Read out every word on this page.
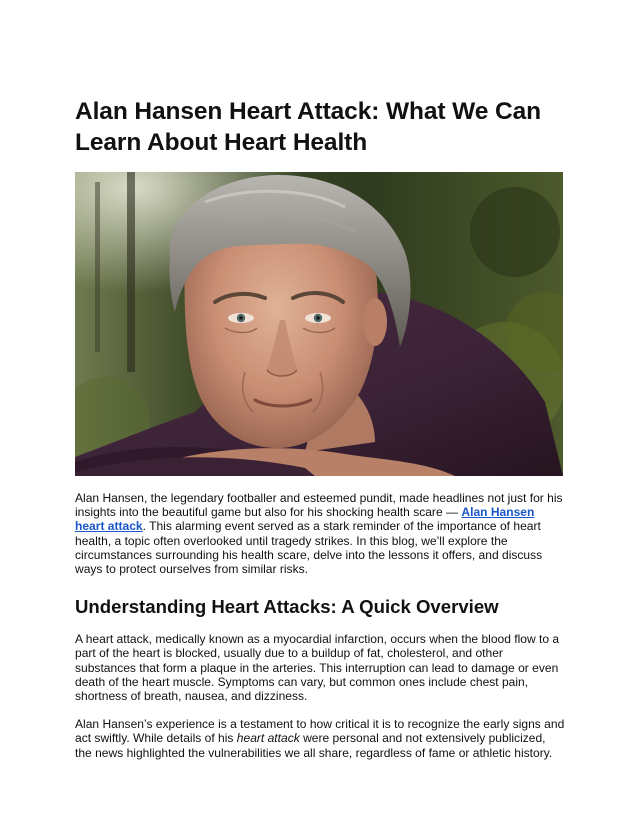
Alan Hansen Heart Attack: What We Can Learn About Heart Health

Alan Hansen, the legendary footballer and esteemed pundit, made headlines not just for his insights into the beautiful game but also for his shocking health scare — Alan Hansen heart attack. This alarming event served as a stark reminder of the importance of heart health, a topic often overlooked until tragedy strikes. In this blog, we’ll explore the circumstances surrounding his health scare, delve into the lessons it offers, and discuss ways to protect ourselves from similar risks.

Understanding Heart Attacks: A Quick Overview

A heart attack, medically known as a myocardial infarction, occurs when the blood flow to a part of the heart is blocked, usually due to a buildup of fat, cholesterol, and other substances that form a plaque in the arteries. This interruption can lead to damage or even death of the heart muscle. Symptoms can vary, but common ones include chest pain, shortness of breath, nausea, and dizziness.

Alan Hansen’s experience is a testament to how critical it is to recognize the early signs and act swiftly. While details of his heart attack were personal and not extensively publicized, the news highlighted the vulnerabilities we all share, regardless of fame or athletic history.
